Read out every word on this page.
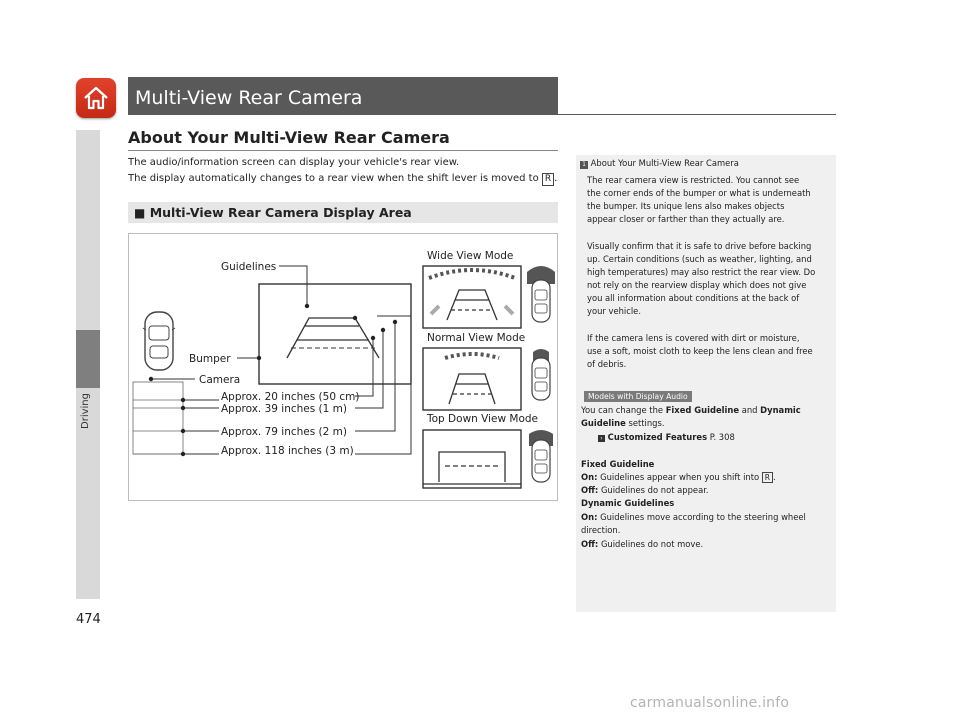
Multi-View Rear Camera
Driving
About Your Multi-View Rear Camera
The audio/information screen can display your vehicle's rear view.
The display automatically changes to a rear view when the shift lever is moved to R .
■ Multi-View Rear Camera Display Area
Guidelines
Bumper
Camera
Approx. 20 inches (50 cm)
Approx. 39 inches (1 m)
Approx. 79 inches (2 m)
Approx. 118 inches (3 m)
Wide View Mode
Normal View Mode
Top Down View Mode
1 About Your Multi-View Rear Camera
The rear camera view is restricted. You cannot see
the corner ends of the bumper or what is underneath
the bumper. Its unique lens also makes objects
appear closer or farther than they actually are.
Visually confirm that it is safe to drive before backing
up. Certain conditions (such as weather, lighting, and
high temperatures) may also restrict the rear view. Do
not rely on the rearview display which does not give
you all information about conditions at the back of
your vehicle.
If the camera lens is covered with dirt or moisture,
use a soft, moist cloth to keep the lens clean and free
of debris.
Models with Display Audio
You can change the Fixed Guideline and Dynamic
Guideline settings.
› Customized Features P. 308
Fixed Guideline
On: Guidelines appear when you shift into R .
Off: Guidelines do not appear.
Dynamic Guidelines
On: Guidelines move according to the steering wheel
direction.
Off: Guidelines do not move.
474
carmanualsonline.info
